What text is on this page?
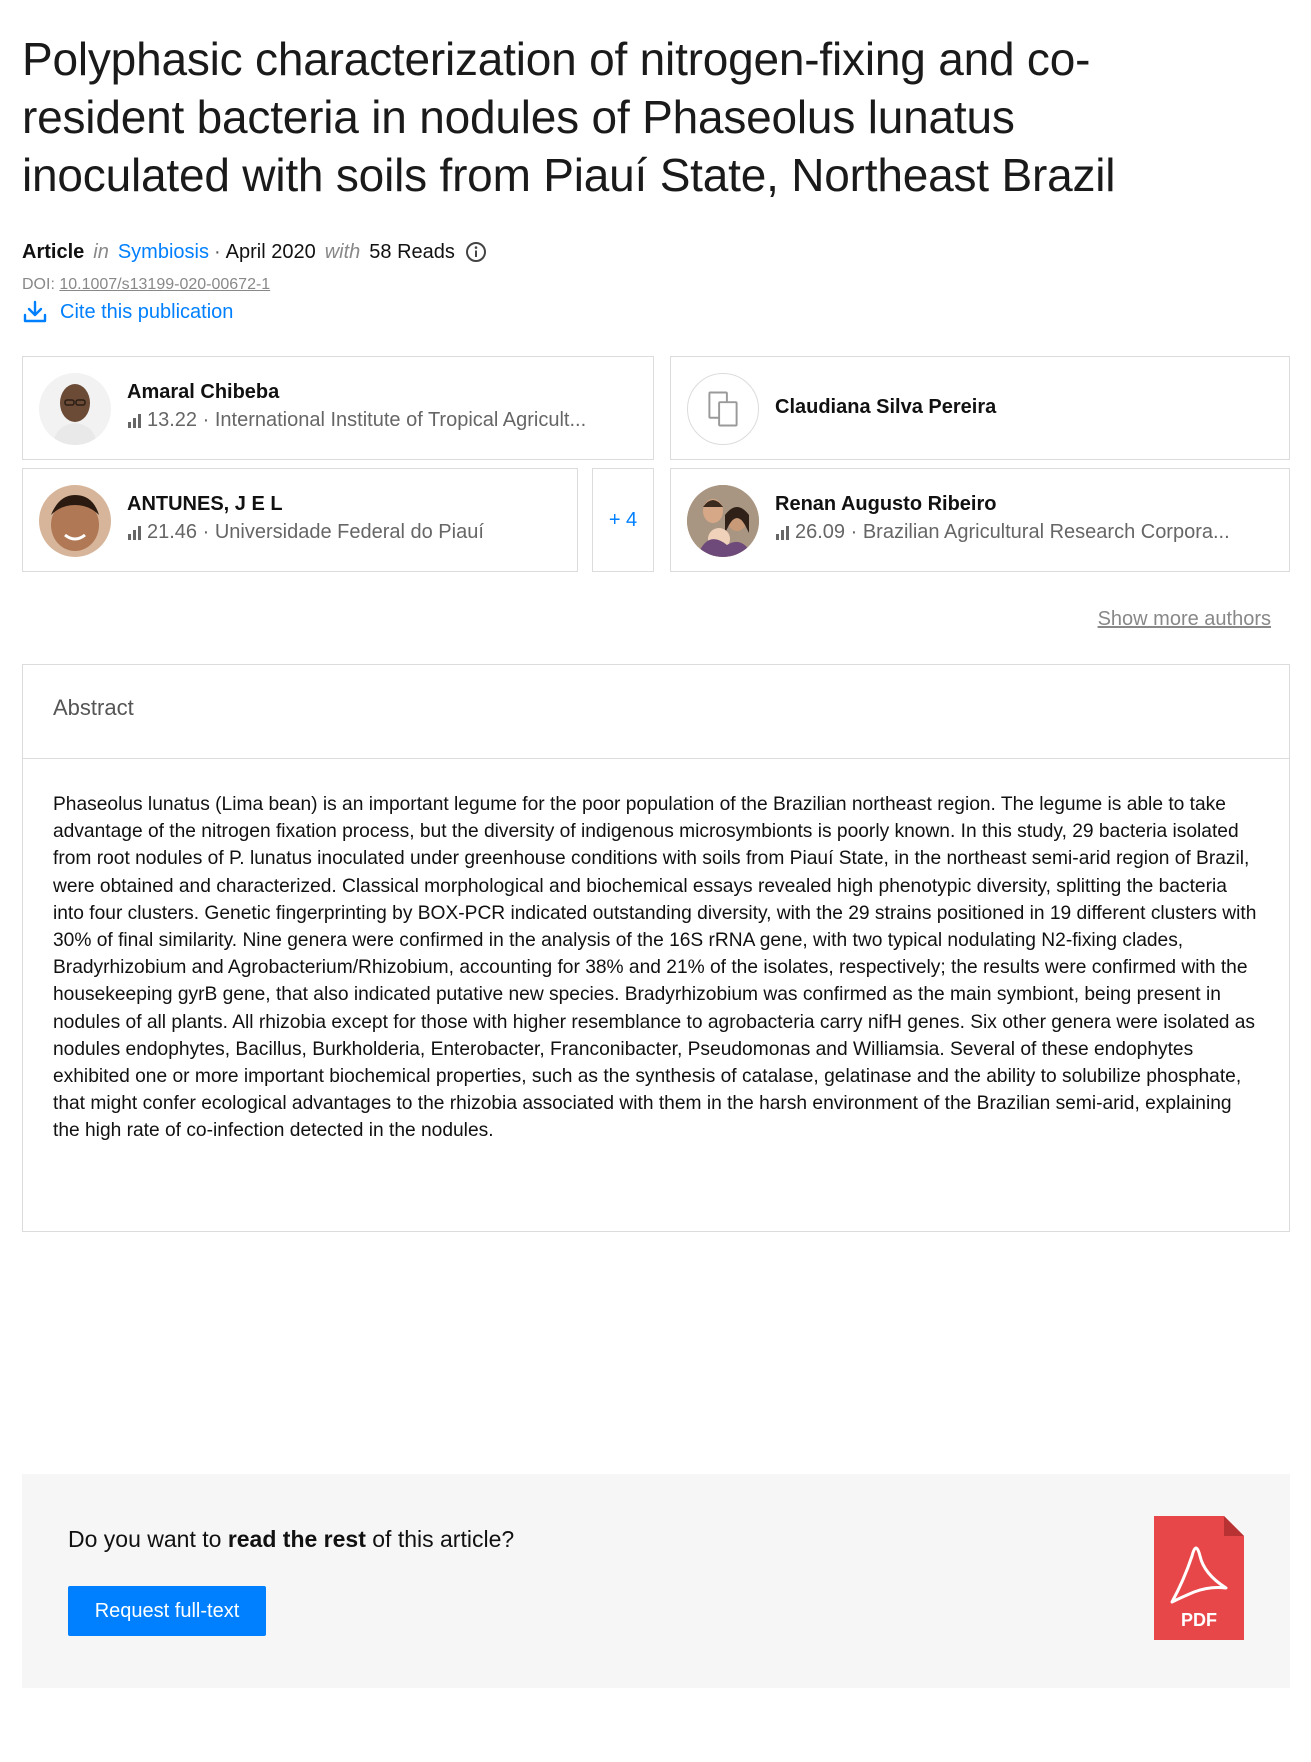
Polyphasic characterization of nitrogen-fixing and co-resident bacteria in nodules of Phaseolus lunatus inoculated with soils from Piauí State, Northeast Brazil
Article in Symbiosis · April 2020 with 58 Reads
DOI: 10.1007/s13199-020-00672-1
Cite this publication
Amaral Chibeba
13.22 · International Institute of Tropical Agricult...
Claudiana Silva Pereira
ANTUNES, J E L
21.46 · Universidade Federal do Piauí
+ 4
Renan Augusto Ribeiro
26.09 · Brazilian Agricultural Research Corpora...
Show more authors
Abstract
Phaseolus lunatus (Lima bean) is an important legume for the poor population of the Brazilian northeast region. The legume is able to take advantage of the nitrogen fixation process, but the diversity of indigenous microsymbionts is poorly known. In this study, 29 bacteria isolated from root nodules of P. lunatus inoculated under greenhouse conditions with soils from Piauí State, in the northeast semi-arid region of Brazil, were obtained and characterized. Classical morphological and biochemical essays revealed high phenotypic diversity, splitting the bacteria into four clusters. Genetic fingerprinting by BOX-PCR indicated outstanding diversity, with the 29 strains positioned in 19 different clusters with 30% of final similarity. Nine genera were confirmed in the analysis of the 16S rRNA gene, with two typical nodulating N2-fixing clades, Bradyrhizobium and Agrobacterium/Rhizobium, accounting for 38% and 21% of the isolates, respectively; the results were confirmed with the housekeeping gyrB gene, that also indicated putative new species. Bradyrhizobium was confirmed as the main symbiont, being present in nodules of all plants. All rhizobia except for those with higher resemblance to agrobacteria carry nifH genes. Six other genera were isolated as nodules endophytes, Bacillus, Burkholderia, Enterobacter, Franconibacter, Pseudomonas and Williamsia. Several of these endophytes exhibited one or more important biochemical properties, such as the synthesis of catalase, gelatinase and the ability to solubilize phosphate, that might confer ecological advantages to the rhizobia associated with them in the harsh environment of the Brazilian semi-arid, explaining the high rate of co-infection detected in the nodules.
Do you want to read the rest of this article?
Request full-text	PDF
